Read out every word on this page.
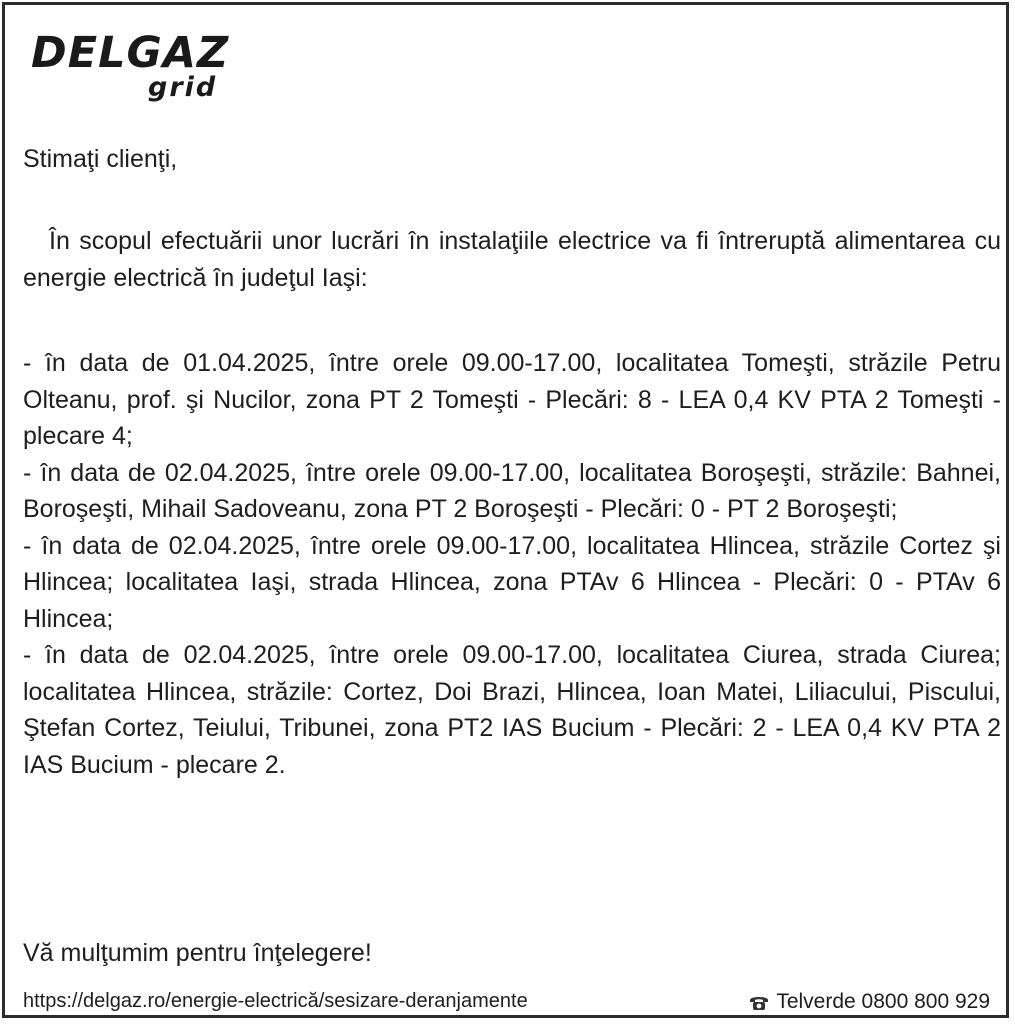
DELGAZ
grid
Stimaţi clienţi,
În scopul efectuării unor lucrări în instalaţiile electrice va fi întreruptă alimentarea cu energie electrică în judeţul Iaşi:

- în data de 01.04.2025, între orele 09.00-17.00, localitatea Tomeşti, străzile Petru Olteanu, prof. şi Nucilor, zona PT 2 Tomeşti - Plecări: 8 - LEA 0,4 KV PTA 2 Tomeşti -plecare 4;

- în data de 02.04.2025, între orele 09.00-17.00, localitatea Boroşeşti, străzile: Bahnei, Boroşeşti, Mihail Sadoveanu, zona PT 2 Boroşeşti - Plecări: 0 - PT 2 Boroşeşti;

- în data de 02.04.2025, între orele 09.00-17.00, localitatea Hlincea, străzile Cortez şi Hlincea; localitatea Iaşi, strada Hlincea, zona PTAv 6 Hlincea - Plecări: 0 - PTAv 6 Hlincea;

- în data de 02.04.2025, între orele 09.00-17.00, localitatea Ciurea, strada Ciurea; localitatea Hlincea, străzile: Cortez, Doi Brazi, Hlincea, Ioan Matei, Liliacului, Piscului, Ştefan Cortez, Teiului, Tribunei, zona PT2 IAS Bucium - Plecări: 2 - LEA 0,4 KV PTA 2 IAS Bucium - plecare 2.

Vă mulţumim pentru înţelegere!
https://delgaz.ro/energie-electrică/sesizare-deranjamente	Telverde 0800 800 929
